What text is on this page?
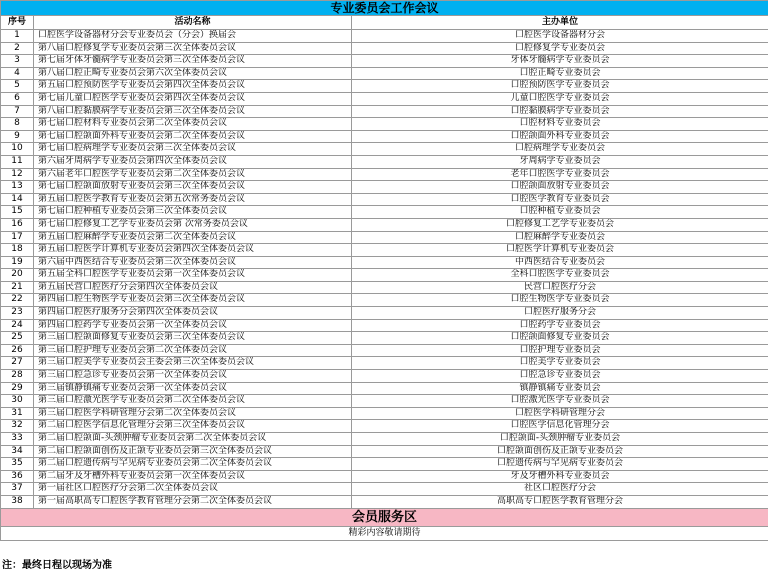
专业委员会工作会议		
序号	活动名称	主办单位
1	口腔医学设备器材分会专业委员会（分会）换届会	口腔医学设备器材分会
2	第八届口腔修复学专业委员会第三次全体委员会议	口腔修复学专业委员会
3	第七届牙体牙髓病学专业委员会第三次全体委员会议	牙体牙髓病学专业委员会
4	第八届口腔正畸专业委员会第六次全体委员会议	口腔正畸专业委员会
5	第五届口腔预防医学专业委员会第四次全体委员会议	口腔预防医学专业委员会
6	第七届儿童口腔医学专业委员会第四次全体委员会议	儿童口腔医学专业委员会
7	第八届口腔黏膜病学专业委员会第三次全体委员会议	口腔黏膜病学专业委员会
8	第七届口腔材料专业委员会第二次全体委员会议	口腔材料专业委员会
9	第七届口腔颌面外科专业委员会第二次全体委员会议	口腔颌面外科专业委员会
10	第七届口腔病理学专业委员会第三次全体委员会议	口腔病理学专业委员会
11	第六届牙周病学专业委员会第四次全体委员会议	牙周病学专业委员会
12	第六届老年口腔医学专业委员会第二次全体委员会议	老年口腔医学专业委员会
13	第七届口腔颌面放射专业委员会第三次全体委员会议	口腔颌面放射专业委员会
14	第五届口腔医学教育专业委员会第五次常务委员会议	口腔医学教育专业委员会
15	第七届口腔种植专业委员会第三次全体委员会议	口腔种植专业委员会
16	第七届口腔修复工艺学专业委员会第 次常务委员会议	口腔修复工艺学专业委员会
17	第五届口腔麻醉学专业委员会第二次全体委员会议	口腔麻醉学专业委员会
18	第五届口腔医学计算机专业委员会第四次全体委员会议	口腔医学计算机专业委员会
19	第六届中西医结合专业委员会第三次全体委员会议	中西医结合专业委员会
20	第五届全科口腔医学专业委员会第一次全体委员会议	全科口腔医学专业委员会
21	第五届民营口腔医疗分会第四次全体委员会议	民营口腔医疗分会
22	第四届口腔生物医学专业委员会第三次全体委员会议	口腔生物医学专业委员会
23	第四届口腔医疗服务分会第四次全体委员会议	口腔医疗服务分会
24	第四届口腔药学专业委员会第一次全体委员会议	口腔药学专业委员会
25	第三届口腔颌面修复专业委员会第三次全体委员会议	口腔颌面修复专业委员会
26	第三届口腔护理专业委员会第二次全体委员会议	口腔护理专业委员会
27	第三届口腔美学专业委员会主委会第三次全体委员会议	口腔美学专业委员会
28	第三届口腔急诊专业委员会第一次全体委员会议	口腔急诊专业委员会
29	第三届镇静镇痛专业委员会第一次全体委员会议	镇静镇痛专业委员会
30	第三届口腔激光医学专业委员会第二次全体委员会议	口腔激光医学专业委员会
31	第三届口腔医学科研管理分会第二次全体委员会议	口腔医学科研管理分会
32	第二届口腔医学信息化管理分会第三次全体委员会议	口腔医学信息化管理分会
33	第二届口腔颌面-头颈肿瘤专业委员会第二次全体委员会议	口腔颌面-头颈肿瘤专业委员会
34	第二届口腔颌面创伤及正颌专业委员会第三次全体委员会议	口腔颌面创伤及正颌专业委员会
35	第二届口腔遗传病与罕见病专业委员会第二次全体委员会议	口腔遗传病与罕见病专业委员会
36	第二届牙及牙槽外科专业委员会第一次全体委员会议	牙及牙槽外科专业委员会
37	第一届社区口腔医疗分会第二次全体委员会议	社区口腔医疗分会
38	第一届高职高专口腔医学教育管理分会第二次全体委员会议	高职高专口腔医学教育管理分会
会员服务区		
精彩内容敬请期待		
注：最终日程以现场为准
